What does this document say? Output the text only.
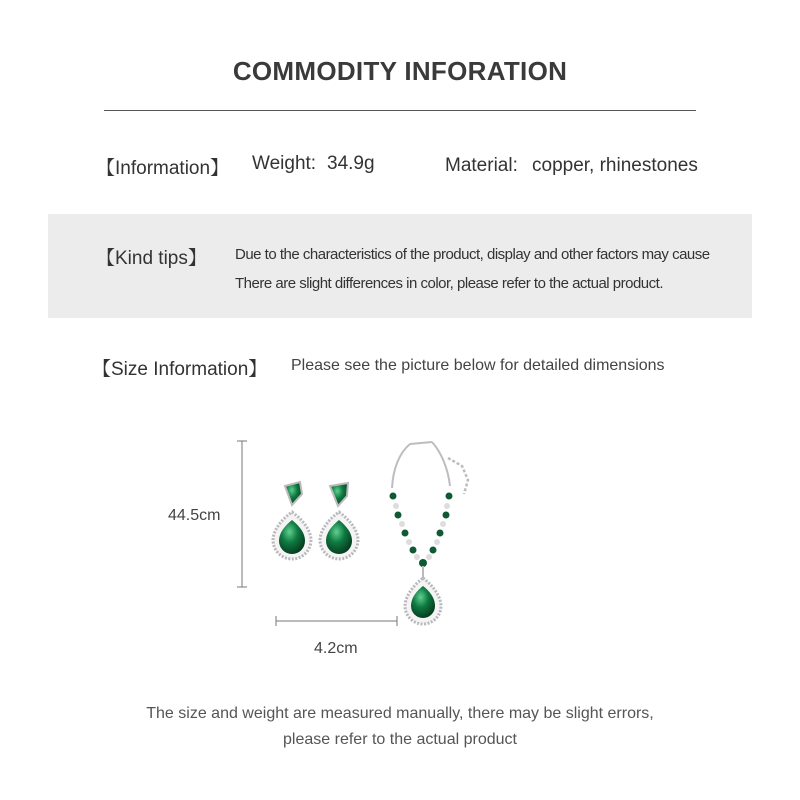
COMMODITY INFORATION
【Information】 Weight: 34.9g	Material: copper, rhinestones
【Kind tips】 Due to the characteristics of the product, display and other factors may cause
There are slight differences in color, please refer to the actual product.
【Size Information】 Please see the picture below for detailed dimensions
44.5cm
4.2cm
The size and weight are measured manually, there may be slight errors,
please refer to the actual product
